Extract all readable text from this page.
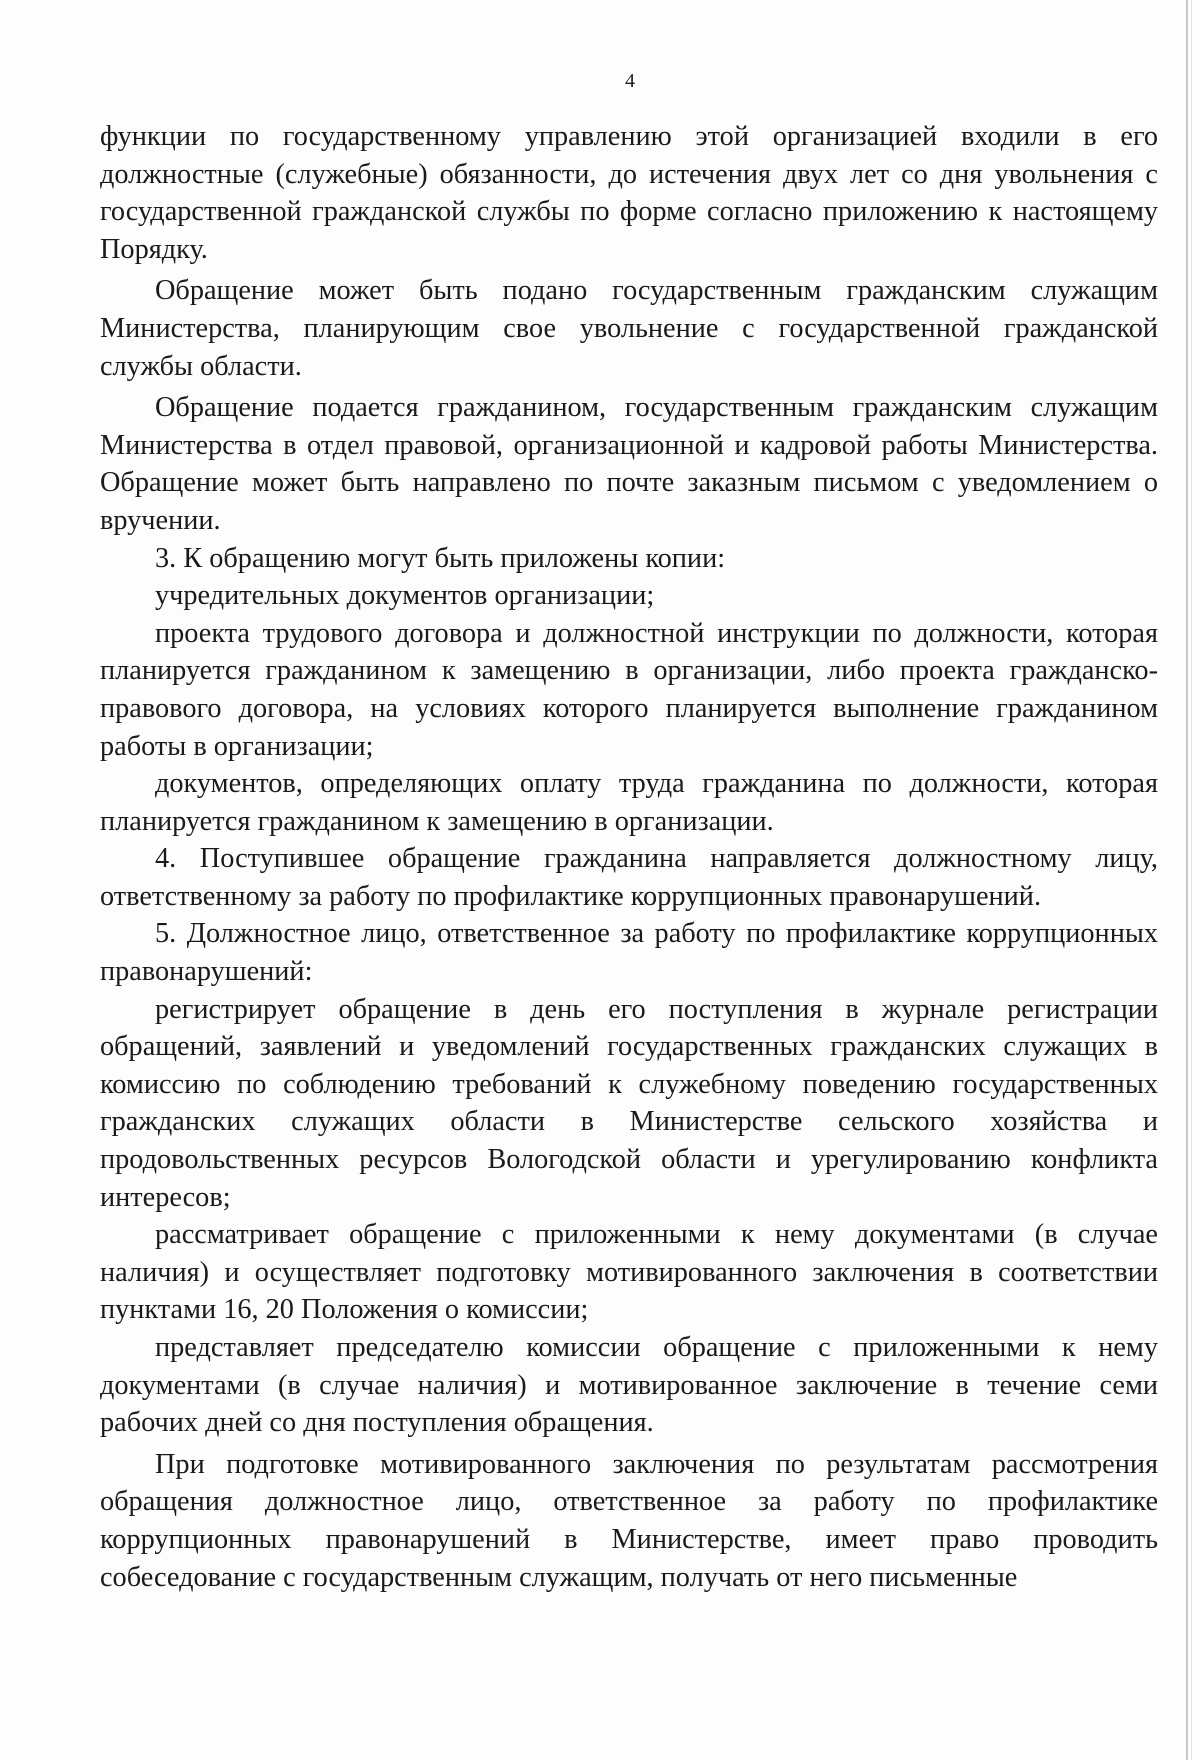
4

функции по государственному управлению этой организацией входили в его должностные (служебные) обязанности, до истечения двух лет со дня увольнения с государственной гражданской службы по форме согласно приложению к настоящему Порядку.

Обращение может быть подано государственным гражданским служащим Министерства, планирующим свое увольнение с государственной гражданской службы области.

Обращение подается гражданином, государственным гражданским служащим Министерства в отдел правовой, организационной и кадровой работы Министерства. Обращение может быть направлено по почте заказным письмом с уведомлением о вручении.

3. К обращению могут быть приложены копии:

учредительных документов организации;

проекта трудового договора и должностной инструкции по должности, которая планируется гражданином к замещению в организации, либо проекта гражданско-правового договора, на условиях которого планируется выполнение гражданином работы в организации;

документов, определяющих оплату труда гражданина по должности, которая планируется гражданином к замещению в организации.

4. Поступившее обращение гражданина направляется должностному лицу, ответственному за работу по профилактике коррупционных правонарушений.

5. Должностное лицо, ответственное за работу по профилактике коррупционных правонарушений:

регистрирует обращение в день его поступления в журнале регистрации обращений, заявлений и уведомлений государственных гражданских служащих в комиссию по соблюдению требований к служебному поведению государственных гражданских служащих области в Министерстве сельского хозяйства и продовольственных ресурсов Вологодской области и урегулированию конфликта интересов;

рассматривает обращение с приложенными к нему документами (в случае наличия) и осуществляет подготовку мотивированного заключения в соответствии пунктами 16, 20 Положения о комиссии;

представляет председателю комиссии обращение с приложенными к нему документами (в случае наличия) и мотивированное заключение в течение семи рабочих дней со дня поступления обращения.

При подготовке мотивированного заключения по результатам рассмотрения обращения должностное лицо, ответственное за работу по профилактике коррупционных правонарушений в Министерстве, имеет право проводить собеседование с государственным служащим, получать от него письменные
